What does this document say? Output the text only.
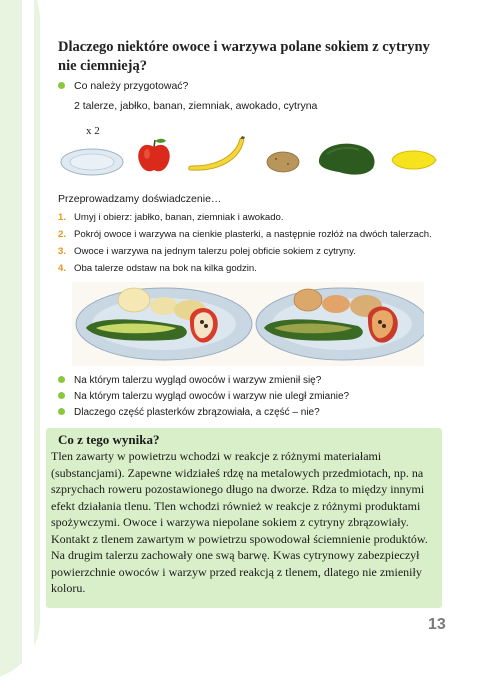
Dlaczego niektóre owoce i warzywa polane sokiem z cytryny nie ciemnieją?
Co należy przygotować?
2 talerze, jabłko, banan, ziemniak, awokado, cytryna
x 2
Przeprowadzamy doświadczenie…
1. Umyj i obierz: jabłko, banan, ziemniak i awokado.
2. Pokrój owoce i warzywa na cienkie plasterki, a następnie rozłóż na dwóch talerzach.
3. Owoce i warzywa na jednym talerzu polej obficie sokiem z cytryny.
4. Oba talerze odstaw na bok na kilka godzin.
Na którym talerzu wygląd owoców i warzyw zmienił się?
Na którym talerzu wygląd owoców i warzyw nie uległ zmianie?
Dlaczego część plasterków zbrązowiała, a część – nie?
Co z tego wynika?
Tlen zawarty w powietrzu wchodzi w reakcje z różnymi materiałami (substancjami). Zapewne widziałeś rdzę na metalowych przedmiotach, np. na szprychach roweru pozostawionego długo na dworze. Rdza to między innymi efekt działania tlenu. Tlen wchodzi również w reakcje z różnymi produktami spożywczymi. Owoce i warzywa niepolane sokiem z cytryny zbrązowiały. Kontakt z tlenem zawartym w powietrzu spowodował ściemnienie produktów. Na drugim talerzu zachowały one swą barwę. Kwas cytrynowy zabezpieczył powierzchnie owoców i warzyw przed reakcją z tlenem, dlatego nie zmieniły koloru.
13
